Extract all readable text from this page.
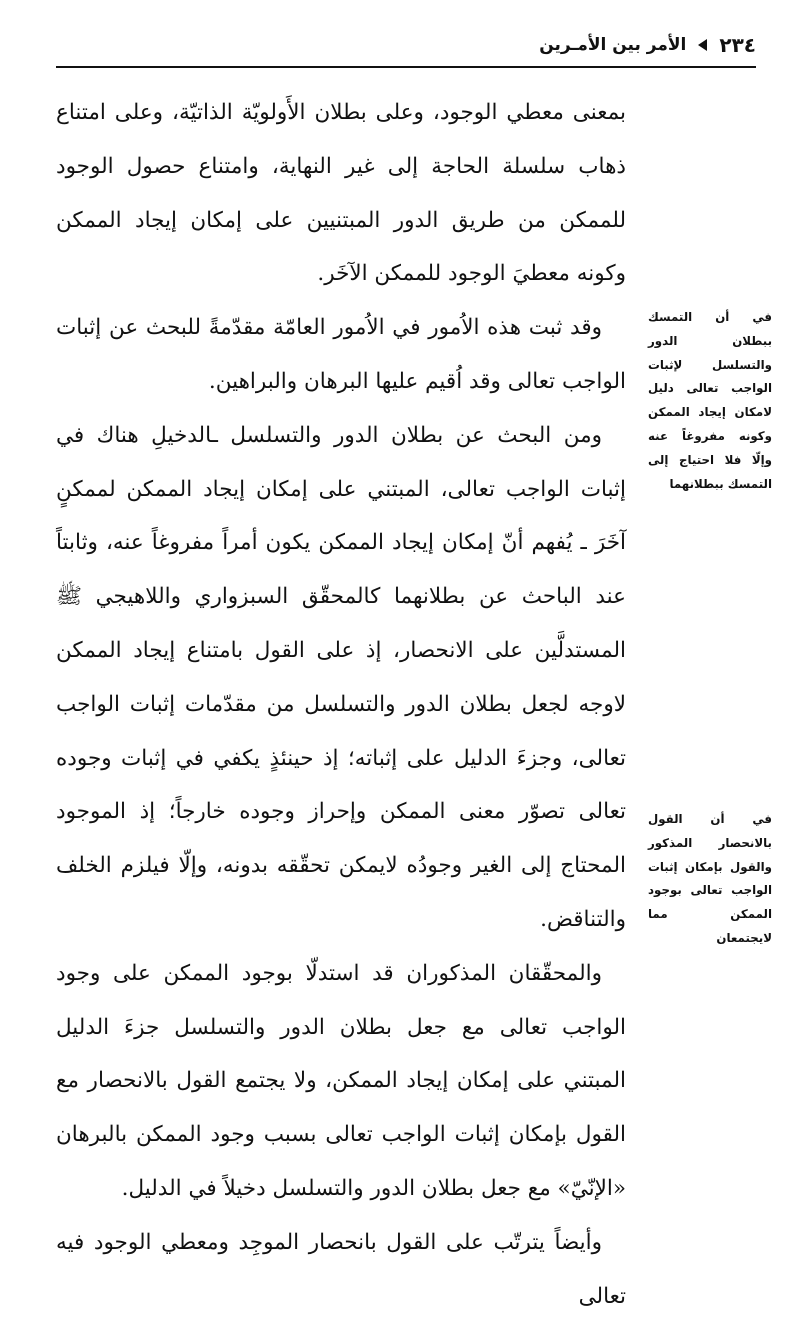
٢٣٤
الأمر بين الأمـرين

بمعنى معطي الوجود، وعلى بطلان الأَولويّة الذاتيّة، وعلى امتناع ذهاب سلسلة الحاجة إلى غير النهاية، وامتناع حصول الوجود للممكن من طريق الدور المبتنيين على إمكان إيجاد الممكن وكونه معطيَ الوجود للممكن الآخَر.

وقد ثبت هذه الاُمور في الاُمور العامّة مقدّمةً للبحث عن إثبات الواجب تعالى وقد اُقيم عليها البرهان والبراهين.

ومن البحث عن بطلان الدور والتسلسل ـالدخيلِ هناك في إثبات الواجب تعالى، المبتني على إمكان إيجاد الممكن لممكنٍ آخَرَ ـ يُفهم أنّ إمكان إيجاد الممكن يكون أمراً مفروغاً عنه، وثابتاً عند الباحث عن بطلانهما كالمحقّق السبزواري واللاهيجي ﷺ المستدلَّين على الانحصار، إذ على القول بامتناع إيجاد الممكن لاوجه لجعل بطلان الدور والتسلسل من مقدّمات إثبات الواجب تعالى، وجزءَ الدليل على إثباته؛ إذ حينئذٍ يكفي في إثبات وجوده تعالى تصوّر معنى الممكن وإحراز وجوده خارجاً؛ إذ الموجود المحتاج إلى الغير وجودُه لايمكن تحقّقه بدونه، وإلّا فيلزم الخلف والتناقض.

والمحقّقان المذكوران قد استدلّا بوجود الممكن على وجود الواجب تعالى مع جعل بطلان الدور والتسلسل جزءَ الدليل المبتني على إمكان إيجاد الممكن، ولا يجتمع القول بالانحصار مع القول بإمكان إثبات الواجب تعالى بسبب وجود الممكن بالبرهان «الإنّيّ» مع جعل بطلان الدور والتسلسل دخيلاً في الدليل.

وأيضاً يترتّب على القول بانحصار الموجِد ومعطي الوجود فيه تعالى

في أن التمسك ببطلان الدور والتسلسل لإثبات الواجب تعالى دليل لامكان إيجاد الممكن وكونه مفروغاً عنه وإلّا فلا احتياج إلى التمسك ببطلانهما
في أن القول بالانحصار المذكور والقول بإمكان إثبات الواجب تعالى بوجود الممكن مما لايجتمعان
